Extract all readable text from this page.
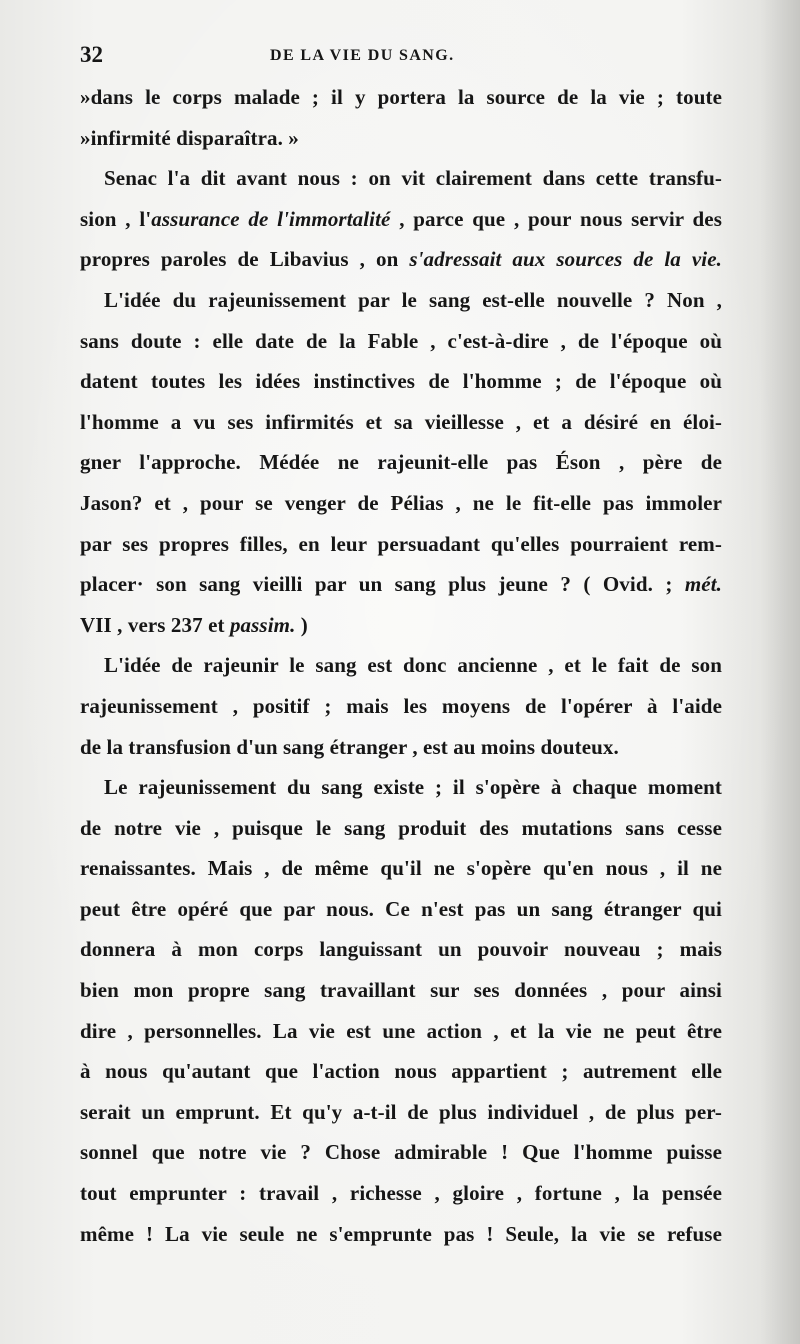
32	DE LA VIE DU SANG.
»dans le corps malade ; il y portera la source de la vie ; toute
»infirmité disparaîtra. »
Senac l'a dit avant nous : on vit clairement dans cette transfu-
sion , l'assurance de l'immortalité , parce que , pour nous servir des
propres paroles de Libavius , on s'adressait aux sources de la vie.
L'idée du rajeunissement par le sang est-elle nouvelle ? Non ,
sans doute : elle date de la Fable , c'est-à-dire , de l'époque où
datent toutes les idées instinctives de l'homme ; de l'époque où
l'homme a vu ses infirmités et sa vieillesse , et a désiré en éloi-
gner l'approche. Médée ne rajeunit-elle pas Éson , père de
Jason? et , pour se venger de Pélias , ne le fit-elle pas immoler
par ses propres filles, en leur persuadant qu'elles pourraient rem-
placer· son sang vieilli par un sang plus jeune ? ( Ovid. ; mét.
VII , vers 237 et passim. )
L'idée de rajeunir le sang est donc ancienne , et le fait de son
rajeunissement , positif ; mais les moyens de l'opérer à l'aide
de la transfusion d'un sang étranger , est au moins douteux.
Le rajeunissement du sang existe ; il s'opère à chaque moment
de notre vie , puisque le sang produit des mutations sans cesse
renaissantes. Mais , de même qu'il ne s'opère qu'en nous , il ne
peut être opéré que par nous. Ce n'est pas un sang étranger qui
donnera à mon corps languissant un pouvoir nouveau ; mais
bien mon propre sang travaillant sur ses données , pour ainsi
dire , personnelles. La vie est une action , et la vie ne peut être
à nous qu'autant que l'action nous appartient ; autrement elle
serait un emprunt. Et qu'y a-t-il de plus individuel , de plus per-
sonnel que notre vie ? Chose admirable ! Que l'homme puisse
tout emprunter : travail , richesse , gloire , fortune , la pensée
même ! La vie seule ne s'emprunte pas ! Seule, la vie se refuse
